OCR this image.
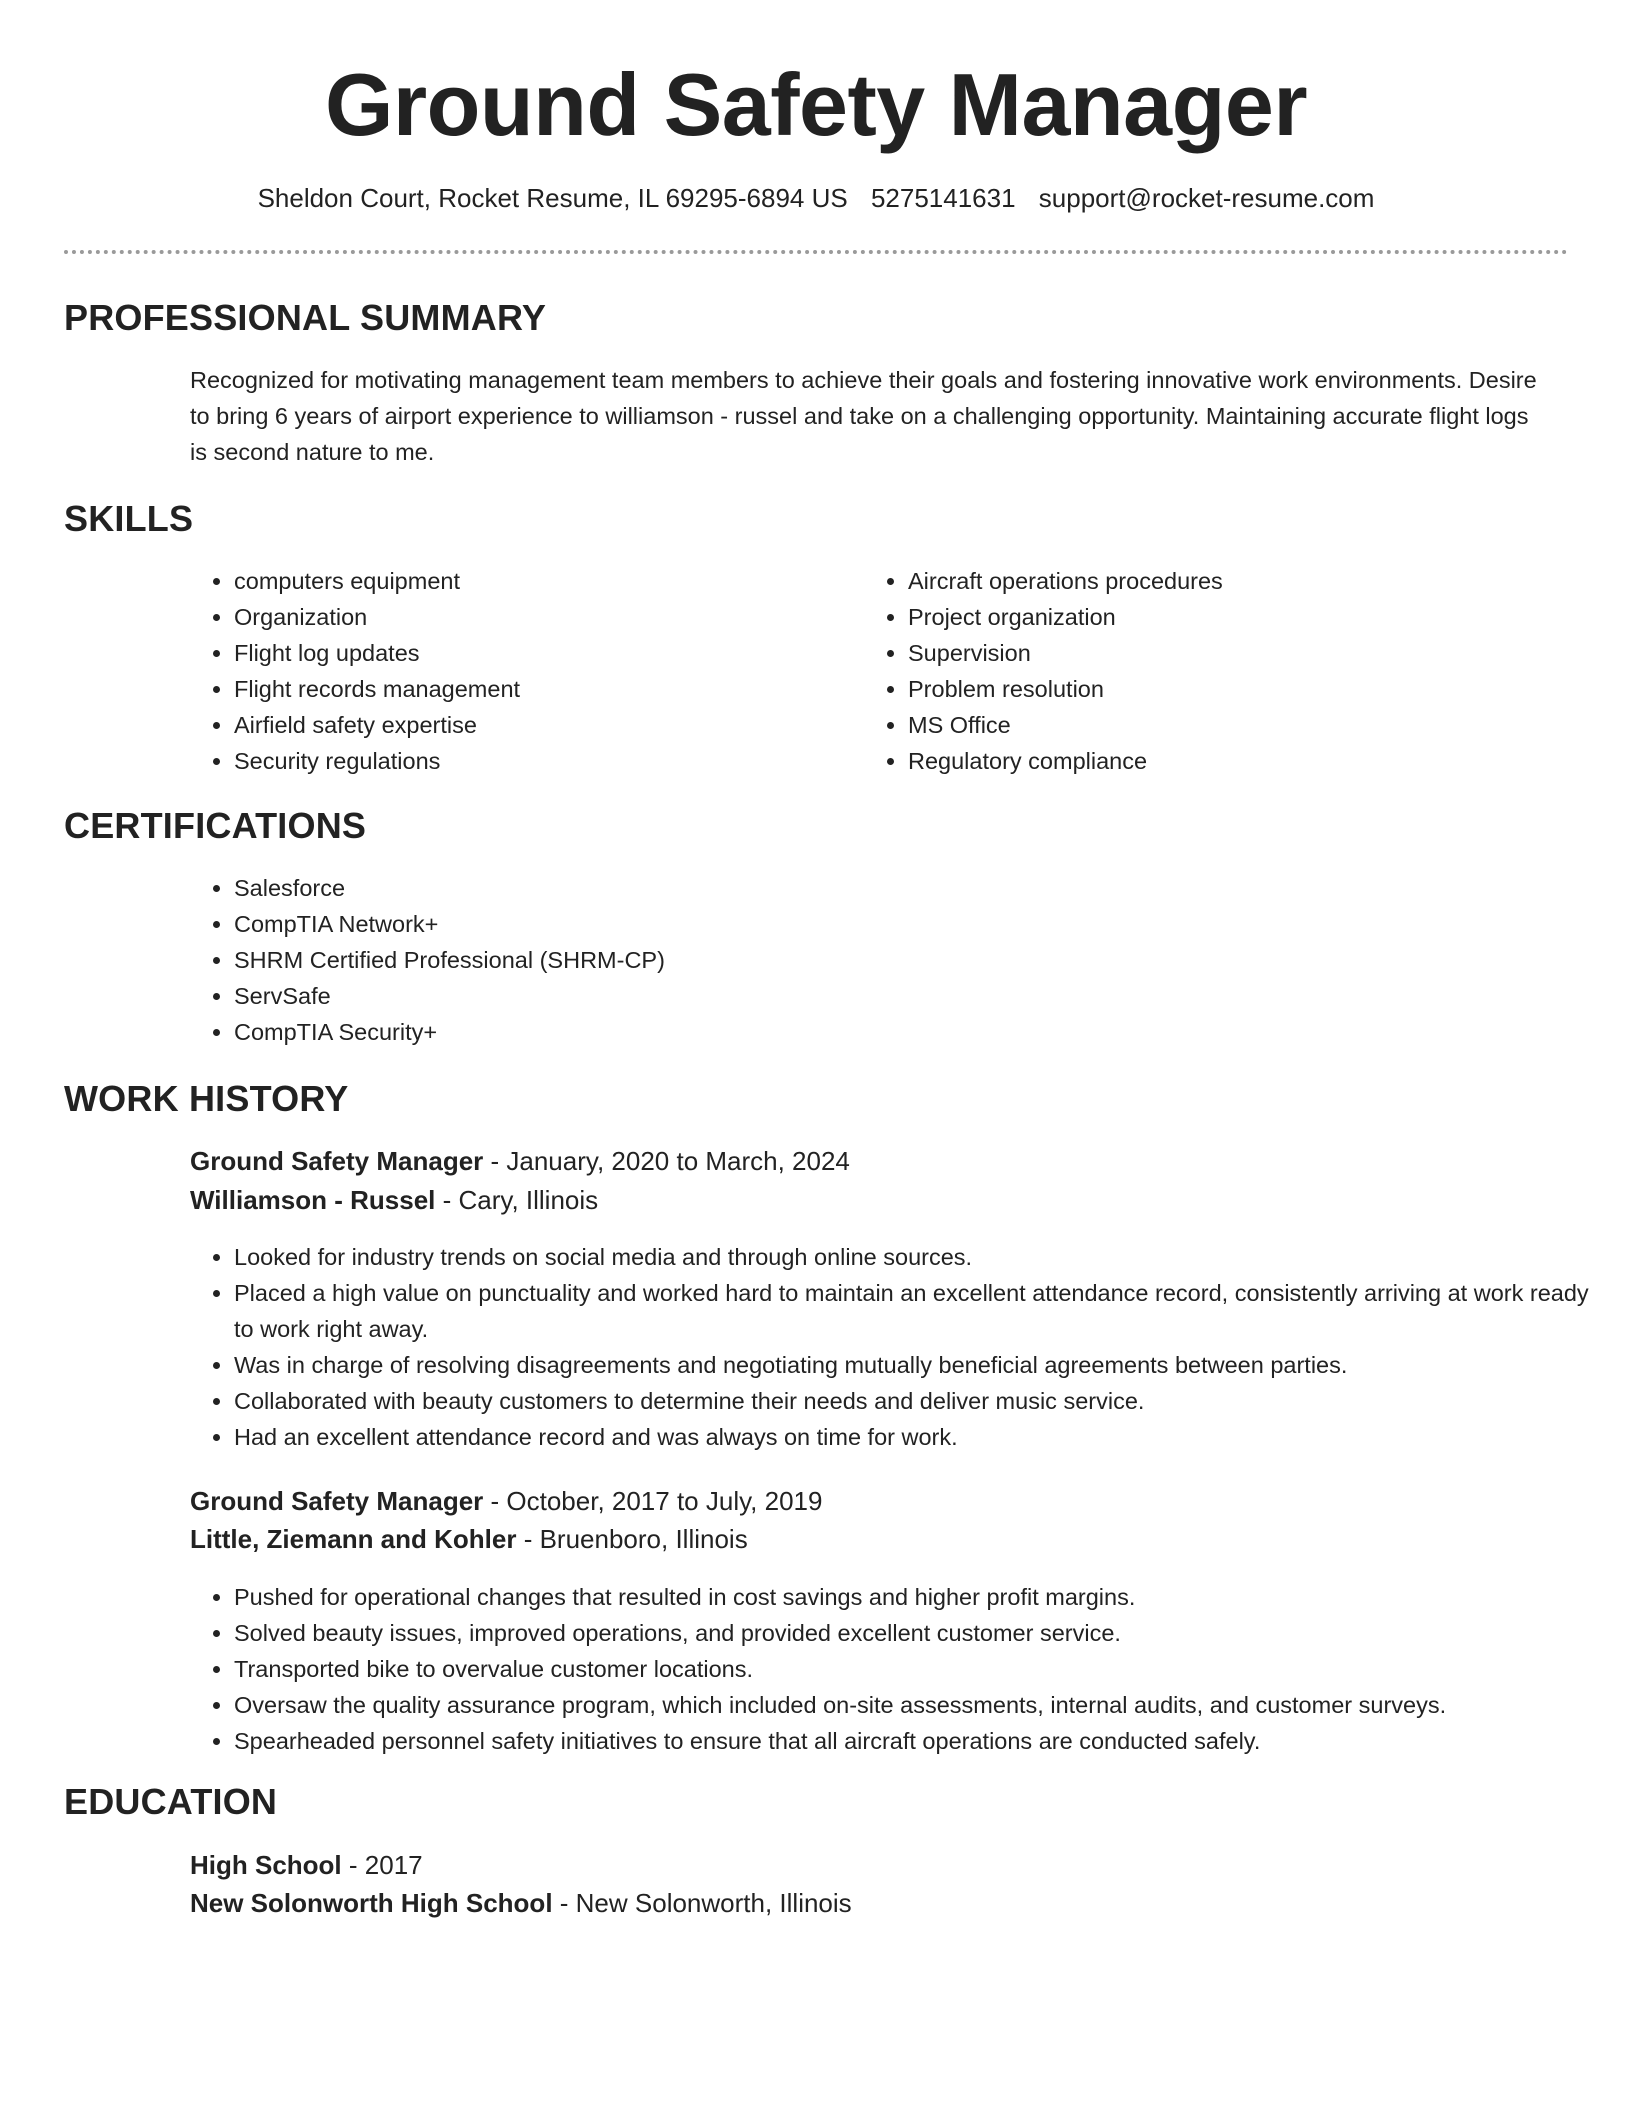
Ground Safety Manager
Sheldon Court, Rocket Resume, IL 69295-6894 US 5275141631 support@rocket-resume.com
PROFESSIONAL SUMMARY
Recognized for motivating management team members to achieve their goals and fostering innovative work environments. Desire to bring 6 years of airport experience to williamson - russel and take on a challenging opportunity. Maintaining accurate flight logs is second nature to me.
SKILLS
• computers equipment
• Organization
• Flight log updates
• Flight records management
• Airfield safety expertise
• Security regulations
• Aircraft operations procedures
• Project organization
• Supervision
• Problem resolution
• MS Office
• Regulatory compliance
CERTIFICATIONS
• Salesforce
• CompTIA Network+
• SHRM Certified Professional (SHRM-CP)
• ServSafe
• CompTIA Security+
WORK HISTORY
Ground Safety Manager - January, 2020 to March, 2024
Williamson - Russel - Cary, Illinois
• Looked for industry trends on social media and through online sources.
• Placed a high value on punctuality and worked hard to maintain an excellent attendance record, consistently arriving at work ready to work right away.
• Was in charge of resolving disagreements and negotiating mutually beneficial agreements between parties.
• Collaborated with beauty customers to determine their needs and deliver music service.
• Had an excellent attendance record and was always on time for work.
Ground Safety Manager - October, 2017 to July, 2019
Little, Ziemann and Kohler - Bruenboro, Illinois
• Pushed for operational changes that resulted in cost savings and higher profit margins.
• Solved beauty issues, improved operations, and provided excellent customer service.
• Transported bike to overvalue customer locations.
• Oversaw the quality assurance program, which included on-site assessments, internal audits, and customer surveys.
• Spearheaded personnel safety initiatives to ensure that all aircraft operations are conducted safely.
EDUCATION
High School - 2017
New Solonworth High School - New Solonworth, Illinois
